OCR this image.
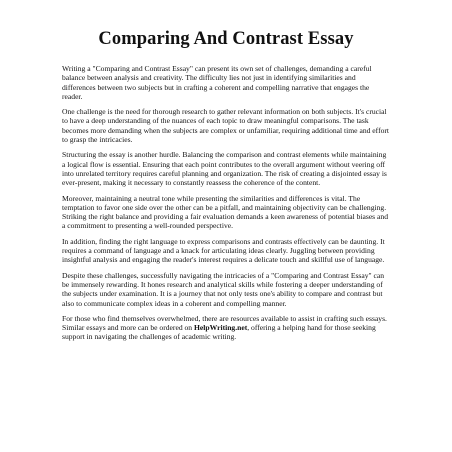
Comparing And Contrast Essay

Writing a "Comparing and Contrast Essay" can present its own set of challenges, demanding a careful balance between analysis and creativity. The difficulty lies not just in identifying similarities and differences between two subjects but in crafting a coherent and compelling narrative that engages the reader.

One challenge is the need for thorough research to gather relevant information on both subjects. It's crucial to have a deep understanding of the nuances of each topic to draw meaningful comparisons. The task becomes more demanding when the subjects are complex or unfamiliar, requiring additional time and effort to grasp the intricacies.

Structuring the essay is another hurdle. Balancing the comparison and contrast elements while maintaining a logical flow is essential. Ensuring that each point contributes to the overall argument without veering off into unrelated territory requires careful planning and organization. The risk of creating a disjointed essay is ever-present, making it necessary to constantly reassess the coherence of the content.

Moreover, maintaining a neutral tone while presenting the similarities and differences is vital. The temptation to favor one side over the other can be a pitfall, and maintaining objectivity can be challenging. Striking the right balance and providing a fair evaluation demands a keen awareness of potential biases and a commitment to presenting a well-rounded perspective.

In addition, finding the right language to express comparisons and contrasts effectively can be daunting. It requires a command of language and a knack for articulating ideas clearly. Juggling between providing insightful analysis and engaging the reader's interest requires a delicate touch and skillful use of language.

Despite these challenges, successfully navigating the intricacies of a "Comparing and Contrast Essay" can be immensely rewarding. It hones research and analytical skills while fostering a deeper understanding of the subjects under examination. It is a journey that not only tests one's ability to compare and contrast but also to communicate complex ideas in a coherent and compelling manner.

For those who find themselves overwhelmed, there are resources available to assist in crafting such essays. Similar essays and more can be ordered on HelpWriting.net, offering a helping hand for those seeking support in navigating the challenges of academic writing.
